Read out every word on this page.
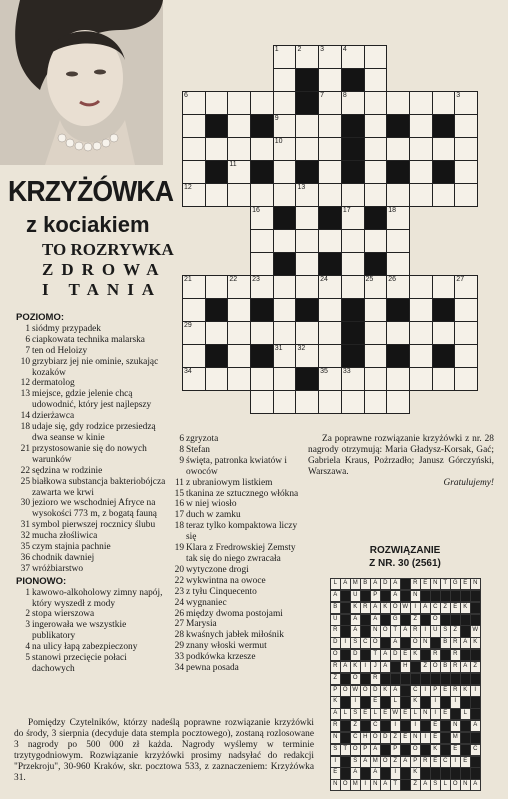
KRZYŻÓWKA
z kociakiem
TO ROZRYWKA
ZDROWA
I TANIA
POZIOMO:
1 siódmy przypadek
6 ciapkowata technika malarska
7 ten od Heloizy
10 grzybiarz jej nie ominie, szukając kozaków
12 dermatolog
13 miejsce, gdzie jelenie chcą udowodnić, który jest najlepszy
14 dzierżawca
18 udaje się, gdy rodzice przesiedzą dwa seanse w kinie
21 przystosowanie się do nowych warunków
22 sędzina w rodzinie
25 białkowa substancja bakteriobójcza zawarta we krwi
30 jezioro we wschodniej Afryce na wysokości 773 m, z bogatą fauną
31 symbol pierwszej rocznicy ślubu
32 mucha złośliwica
35 czym stajnia pachnie
36 chodnik dawniej
37 wróżbiarstwo
PIONOWO:
1 kawowo-alkoholowy zimny napój, który wyszedł z mody
2 stopa wierszowa
3 ingerowała we wszystkie publikatory
4 na ulicy łapą zabezpieczony
5 stanowi przecięcie połaci dachowych
6 zgryzota
8 Stefan
9 święta, patronka kwiatów i owoców
11 z ubraniowym listkiem
15 tkanina ze sztucznego włókna
16 w niej wiosło
17 duch w zamku
18 teraz tylko kompaktowa liczy się
19 Klara z Fredrowskiej Zemsty tak się do niego zwracała
20 wytyczone drogi
22 wykwintna na owoce
23 z tyłu Cinquecento
24 wygnaniec
26 między dwoma postojami
27 Marysia
28 kwaśnych jabłek miłośnik
29 znany włoski wermut
33 podkówka krzesze
34 pewna posada
1	2	3	4
6	7	8	3
9
10
11
12	13
16	17	18
21	22 23	24	25 26	27
29
31 32
34	35 33
Za poprawne rozwiązanie krzyżówki z nr. 28 nagrody otrzymują: Maria Gładysz-Korsak, Gać; Gabriela Kraus, Pożrzadło; Janusz Górczyński, Warszawa.
Gratulujemy!
ROZWIĄZANIE
Z NR. 30 (2561)
L	A M B A D A	R E N T G E N
A	U	P	A	N
B	K R A K O W	I	A C Z	E K
U	A	A	G	Z	O
R	A	N O T	A R	I	U S	Z	W
D	I	S C O	A	O N	B R A K
O	D	T	A D E K	R	R
R A K	I	J	A	H	Z O B R A	Z
Z	O	R
P O W O D K A	C	I	P E R K	I
K	I	E	L	K	I	I
A	L	S E	L	E W E	L	N	I	E	L
R	Z	C	I	I	E	N	A
N	C H O D Z	E N	I	E	M
S	T O P A	P	O	K	E	C
I	S A M O Z	A P R E C	I	E
E	A	A	I	K
N O M	I	N A	T	Z	A S	L O N A
Pomiędzy Czytelników, którzy nadeślą poprawne rozwiązanie krzyżówki do środy, 3 sierpnia (decyduje data stempla pocztowego), zostaną rozlosowane 3 nagrody po 500 000 zł każda. Nagrody wyślemy w terminie trzytygodniowym. Rozwiązanie krzyżówki prosimy nadsyłać do redakcji "Przekroju", 30-960 Kraków, skr. pocztowa 533, z zaznaczeniem: Krzyżówka 31.
